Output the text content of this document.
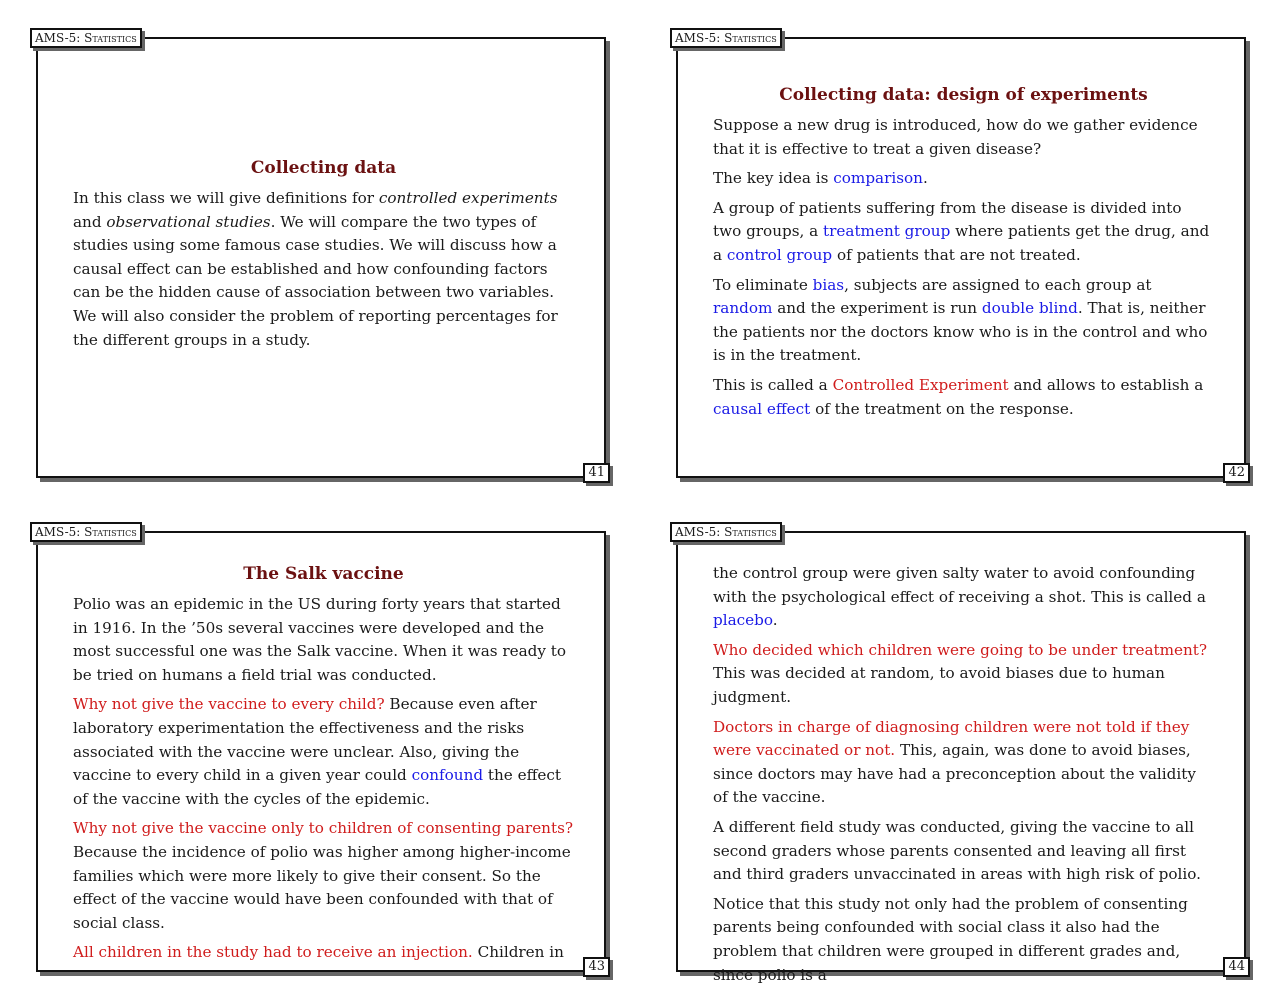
AMS-5: Statistics
Collecting data

In this class we will give definitions for controlled experiments and observational studies. We will compare the two types of studies using some famous case studies. We will discuss how a causal effect can be established and how confounding factors can be the hidden cause of association between two variables. We will also consider the problem of reporting percentages for the different groups in a study.

41
AMS-5: Statistics
Collecting data: design of experiments

Suppose a new drug is introduced, how do we gather evidence that it is effective to treat a given disease?

The key idea is comparison.

A group of patients suffering from the disease is divided into two groups, a treatment group where patients get the drug, and a control group of patients that are not treated.

To eliminate bias, subjects are assigned to each group at random and the experiment is run double blind. That is, neither the patients nor the doctors know who is in the control and who is in the treatment.

This is called a Controlled Experiment and allows to establish a causal effect of the treatment on the response.

42
AMS-5: Statistics
The Salk vaccine

Polio was an epidemic in the US during forty years that started in 1916. In the ’50s several vaccines were developed and the most successful one was the Salk vaccine. When it was ready to be tried on humans a field trial was conducted.

Why not give the vaccine to every child? Because even after laboratory experimentation the effectiveness and the risks associated with the vaccine were unclear. Also, giving the vaccine to every child in a given year could confound the effect of the vaccine with the cycles of the epidemic.

Why not give the vaccine only to children of consenting parents? Because the incidence of polio was higher among higher-income families which were more likely to give their consent. So the effect of the vaccine would have been confounded with that of social class.

All children in the study had to receive an injection. Children in

43
AMS-5: Statistics

the control group were given salty water to avoid confounding with the psychological effect of receiving a shot. This is called a placebo.

Who decided which children were going to be under treatment? This was decided at random, to avoid biases due to human judgment.

Doctors in charge of diagnosing children were not told if they were vaccinated or not. This, again, was done to avoid biases, since doctors may have had a preconception about the validity of the vaccine.

A different field study was conducted, giving the vaccine to all second graders whose parents consented and leaving all first and third graders unvaccinated in areas with high risk of polio.

Notice that this study not only had the problem of consenting parents being confounded with social class it also had the problem that children were grouped in different grades and, since polio is a	44
